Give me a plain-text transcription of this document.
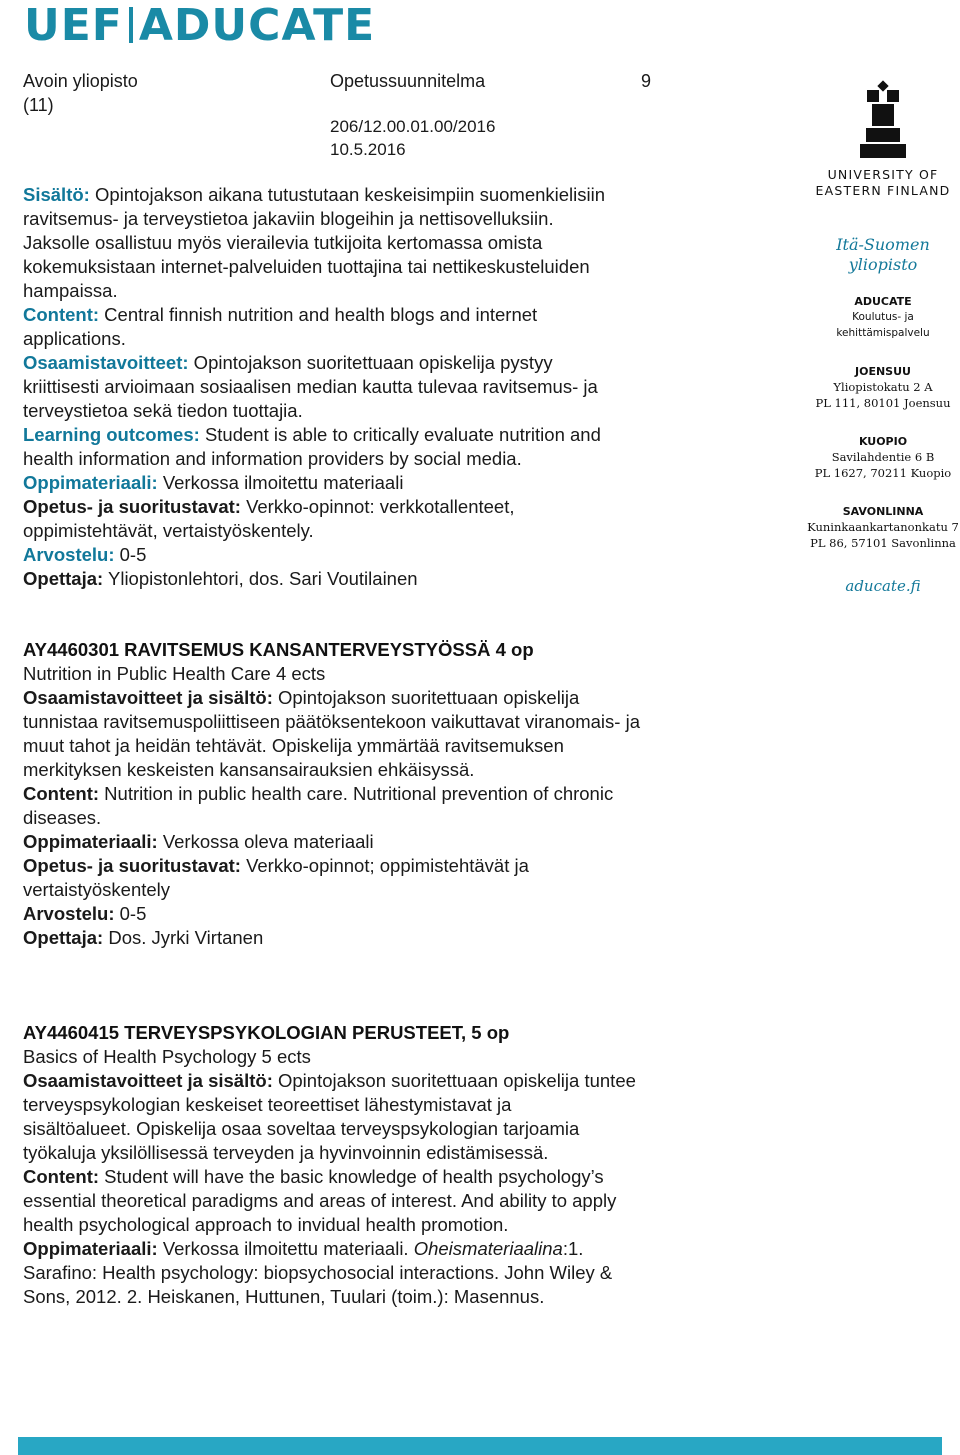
UEF ADUCATE
Avoin yliopisto
(11)
Opetussuunnitelma	9
206/12.00.01.00/2016
10.5.2016
Sisältö: Opintojakson aikana tutustutaan keskeisimpiin suomenkielisiin
ravitsemus- ja terveystietoa jakaviin blogeihin ja nettisovelluksiin.
Jaksolle osallistuu myös vierailevia tutkijoita kertomassa omista
kokemuksistaan internet-palveluiden tuottajina tai nettikeskusteluiden
hampaissa.
Content: Central finnish nutrition and health blogs and internet
applications.
Osaamistavoitteet: Opintojakson suoritettuaan opiskelija pystyy
kriittisesti arvioimaan sosiaalisen median kautta tulevaa ravitsemus- ja
terveystietoa sekä tiedon tuottajia.
Learning outcomes: Student is able to critically evaluate nutrition and
health information and information providers by social media.
Oppimateriaali: Verkossa ilmoitettu materiaali
Opetus- ja suoritustavat: Verkko-opinnot: verkkotallenteet,
oppimistehtävät, vertaistyöskentely.
Arvostelu: 0-5
Opettaja: Yliopistonlehtori, dos. Sari Voutilainen
AY4460301 RAVITSEMUS KANSANTERVEYSTYÖSSÄ 4 op
Nutrition in Public Health Care 4 ects
Osaamistavoitteet ja sisältö: Opintojakson suoritettuaan opiskelija
tunnistaa ravitsemuspoliittiseen päätöksentekoon vaikuttavat viranomais- ja
muut tahot ja heidän tehtävät. Opiskelija ymmärtää ravitsemuksen
merkityksen keskeisten kansansairauksien ehkäisyssä.
Content: Nutrition in public health care. Nutritional prevention of chronic
diseases.
Oppimateriaali: Verkossa oleva materiaali
Opetus- ja suoritustavat: Verkko-opinnot; oppimistehtävät ja
vertaistyöskentely
Arvostelu: 0-5
Opettaja: Dos. Jyrki Virtanen
AY4460415 TERVEYSPSYKOLOGIAN PERUSTEET, 5 op
Basics of Health Psychology 5 ects
Osaamistavoitteet ja sisältö: Opintojakson suoritettuaan opiskelija tuntee
terveyspsykologian keskeiset teoreettiset lähestymistavat ja
sisältöalueet. Opiskelija osaa soveltaa terveyspsykologian tarjoamia
työkaluja yksilöllisessä terveyden ja hyvinvoinnin edistämisessä.
Content: Student will have the basic knowledge of health psychology’s
essential theoretical paradigms and areas of interest. And ability to apply
health psychological approach to invidual health promotion.
Oppimateriaali: Verkossa ilmoitettu materiaali. Oheismateriaalina:1.
Sarafino: Health psychology: biopsychosocial interactions. John Wiley &
Sons, 2012. 2. Heiskanen, Huttunen, Tuulari (toim.): Masennus.
UNIVERSITY OF
EASTERN FINLAND
Itä-Suomen
yliopisto
ADUCATE
Koulutus- ja
kehittämispalvelu
JOENSUU
Yliopistokatu 2 A
PL 111, 80101 Joensuu
KUOPIO
Savilahdentie 6 B
PL 1627, 70211 Kuopio
SAVONLINNA
Kuninkaankartanonkatu 7
PL 86, 57101 Savonlinna
aducate.fi
